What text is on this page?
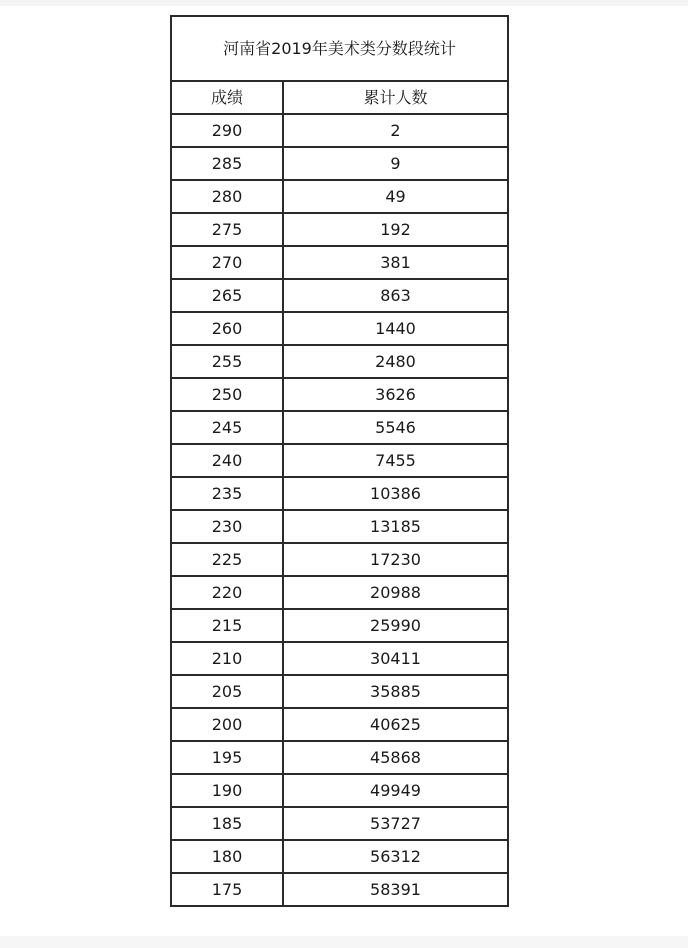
河南省2019年美术类分数段统计	
成绩	累计人数
290	2
285	9
280	49
275	192
270	381
265	863
260	1440
255	2480
250	3626
245	5546
240	7455
235	10386
230	13185
225	17230
220	20988
215	25990
210	30411
205	35885
200	40625
195	45868
190	49949
185	53727
180	56312
175	58391
